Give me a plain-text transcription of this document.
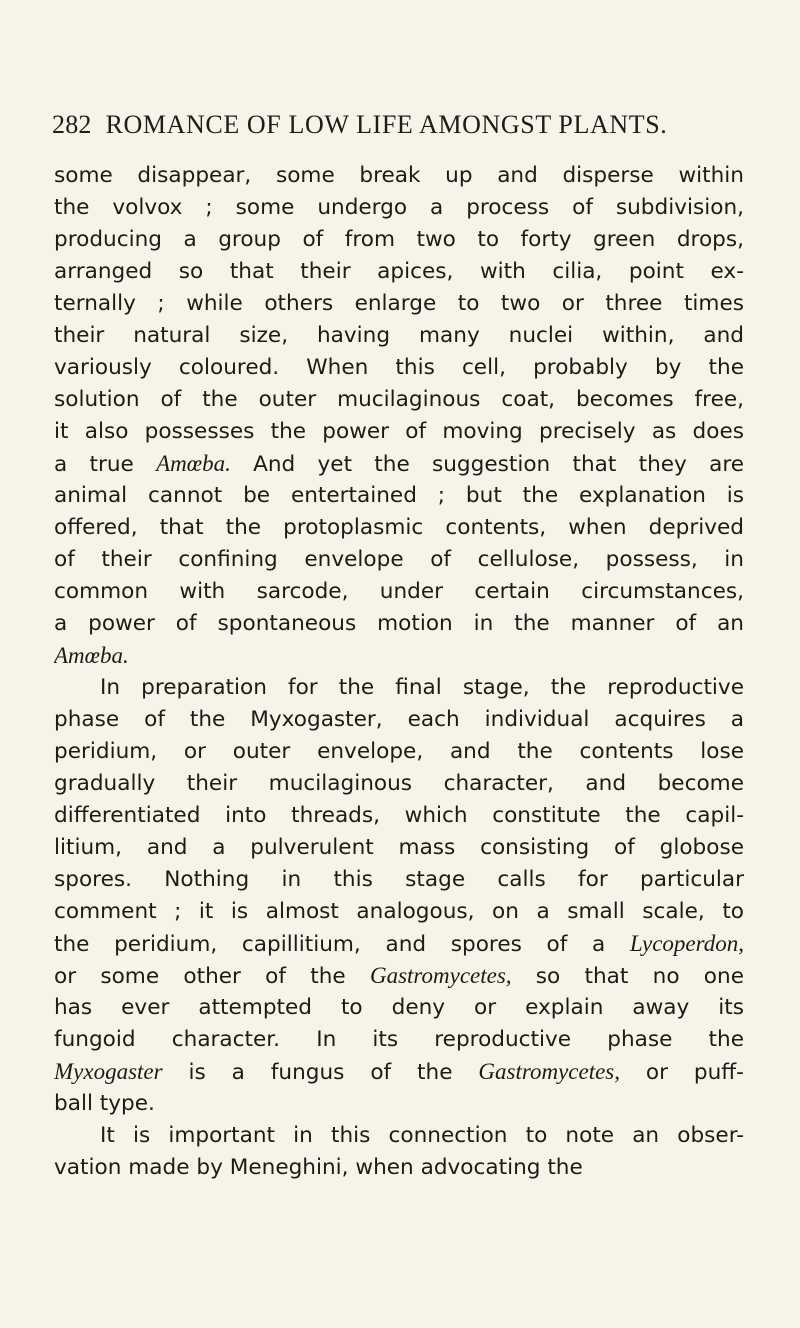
282 ROMANCE OF LOW LIFE AMONGST PLANTS.
some disappear, some break up and disperse within
the volvox ; some undergo a process of subdivision,
producing a group of from two to forty green drops,
arranged so that their apices, with cilia, point ex-
ternally ; while others enlarge to two or three times
their natural size, having many nuclei within, and
variously coloured. When this cell, probably by the
solution of the outer mucilaginous coat, becomes free,
it also possesses the power of moving precisely as does
a true Amœba. And yet the suggestion that they are
animal cannot be entertained ; but the explanation is
offered, that the protoplasmic contents, when deprived
of their confining envelope of cellulose, possess, in
common with sarcode, under certain circumstances,
a power of spontaneous motion in the manner of an
Amœba.
In preparation for the final stage, the reproductive
phase of the Myxogaster, each individual acquires a
peridium, or outer envelope, and the contents lose
gradually their mucilaginous character, and become
differentiated into threads, which constitute the capil-
litium, and a pulverulent mass consisting of globose
spores. Nothing in this stage calls for particular
comment ; it is almost analogous, on a small scale, to
the peridium, capillitium, and spores of a Lycoperdon,
or some other of the Gastromycetes, so that no one
has ever attempted to deny or explain away its
fungoid character. In its reproductive phase the
Myxogaster is a fungus of the Gastromycetes, or puff-
ball type.
It is important in this connection to note an obser-
vation made by Meneghini, when advocating the
